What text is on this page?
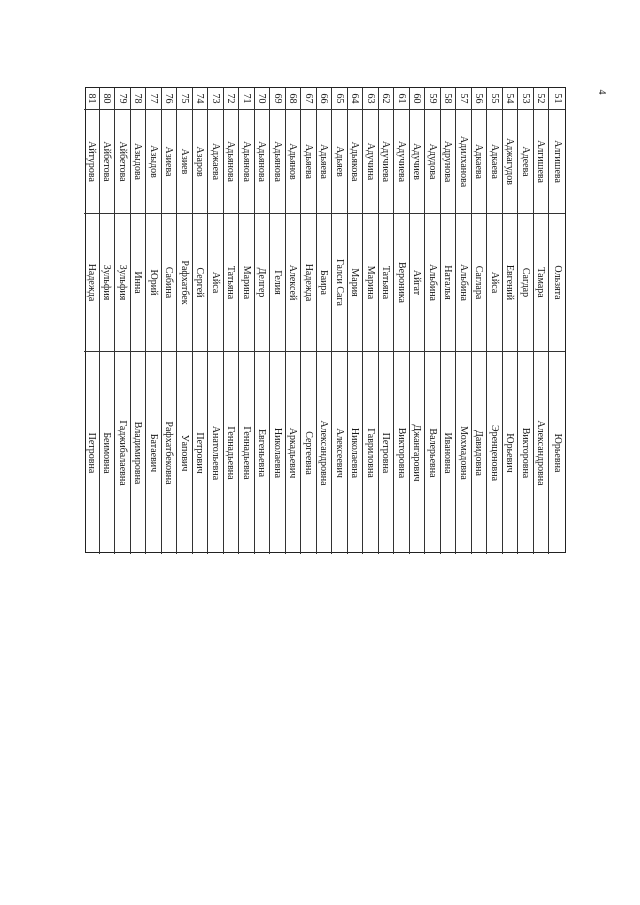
4
51
Алгишева
Ользята
Юрьевна
52
Алгишева
Тамара
Александровна
53
Адеева
Сагдар
Викторовна
54
Аджагудов
Евгений
Юрьевич
55
Адкаева
Айса
Эренценовна
56
Адкаева
Саглара
Давидовна
57
Адилханова
Альбина
Мохмадовна
58
Адрунова
Наталья
Ивановна
59
Адудова
Альбина
Валерьевна
60
Адучиев
Айгат
Джангарович
61
Адучиева
Вероника
Викторовна
62
Адучиева
Татьяна
Петровна
63
Адучина
Марина
Гавриловна
64
Адьякова
Мария
Николаевна
65
Адьяев
Галси Сага
Алексеевич
66
Адьяева
Баира
Александровна
67
Адьяева
Надежда
Сергеевна
68
Адьянов
Алексей
Аркадьевич
69
Адьянова
Гелия
Николаевна
70
Адьянова
Делгер
Евгеньевна
71
Адьянова
Марина
Геннадьевна
72
Адьянова
Татьяна
Геннадьевна
73
Аджаева
Айса
Анатольевна
74
Азаров
Сергей
Петрович
75
Азиев
Рафхатбек
Уапович
76
Азиева
Сабина
Рафхатбековна
77
Азыдов
Юрий
Батаевич
78
Азыдова
Инна
Владимировна
79
Айбетова
Зульфия
Гаджибалаевна
80
Айбетова
Зульфия
Беимовна
81
Айтурова
Надежда
Петровна
